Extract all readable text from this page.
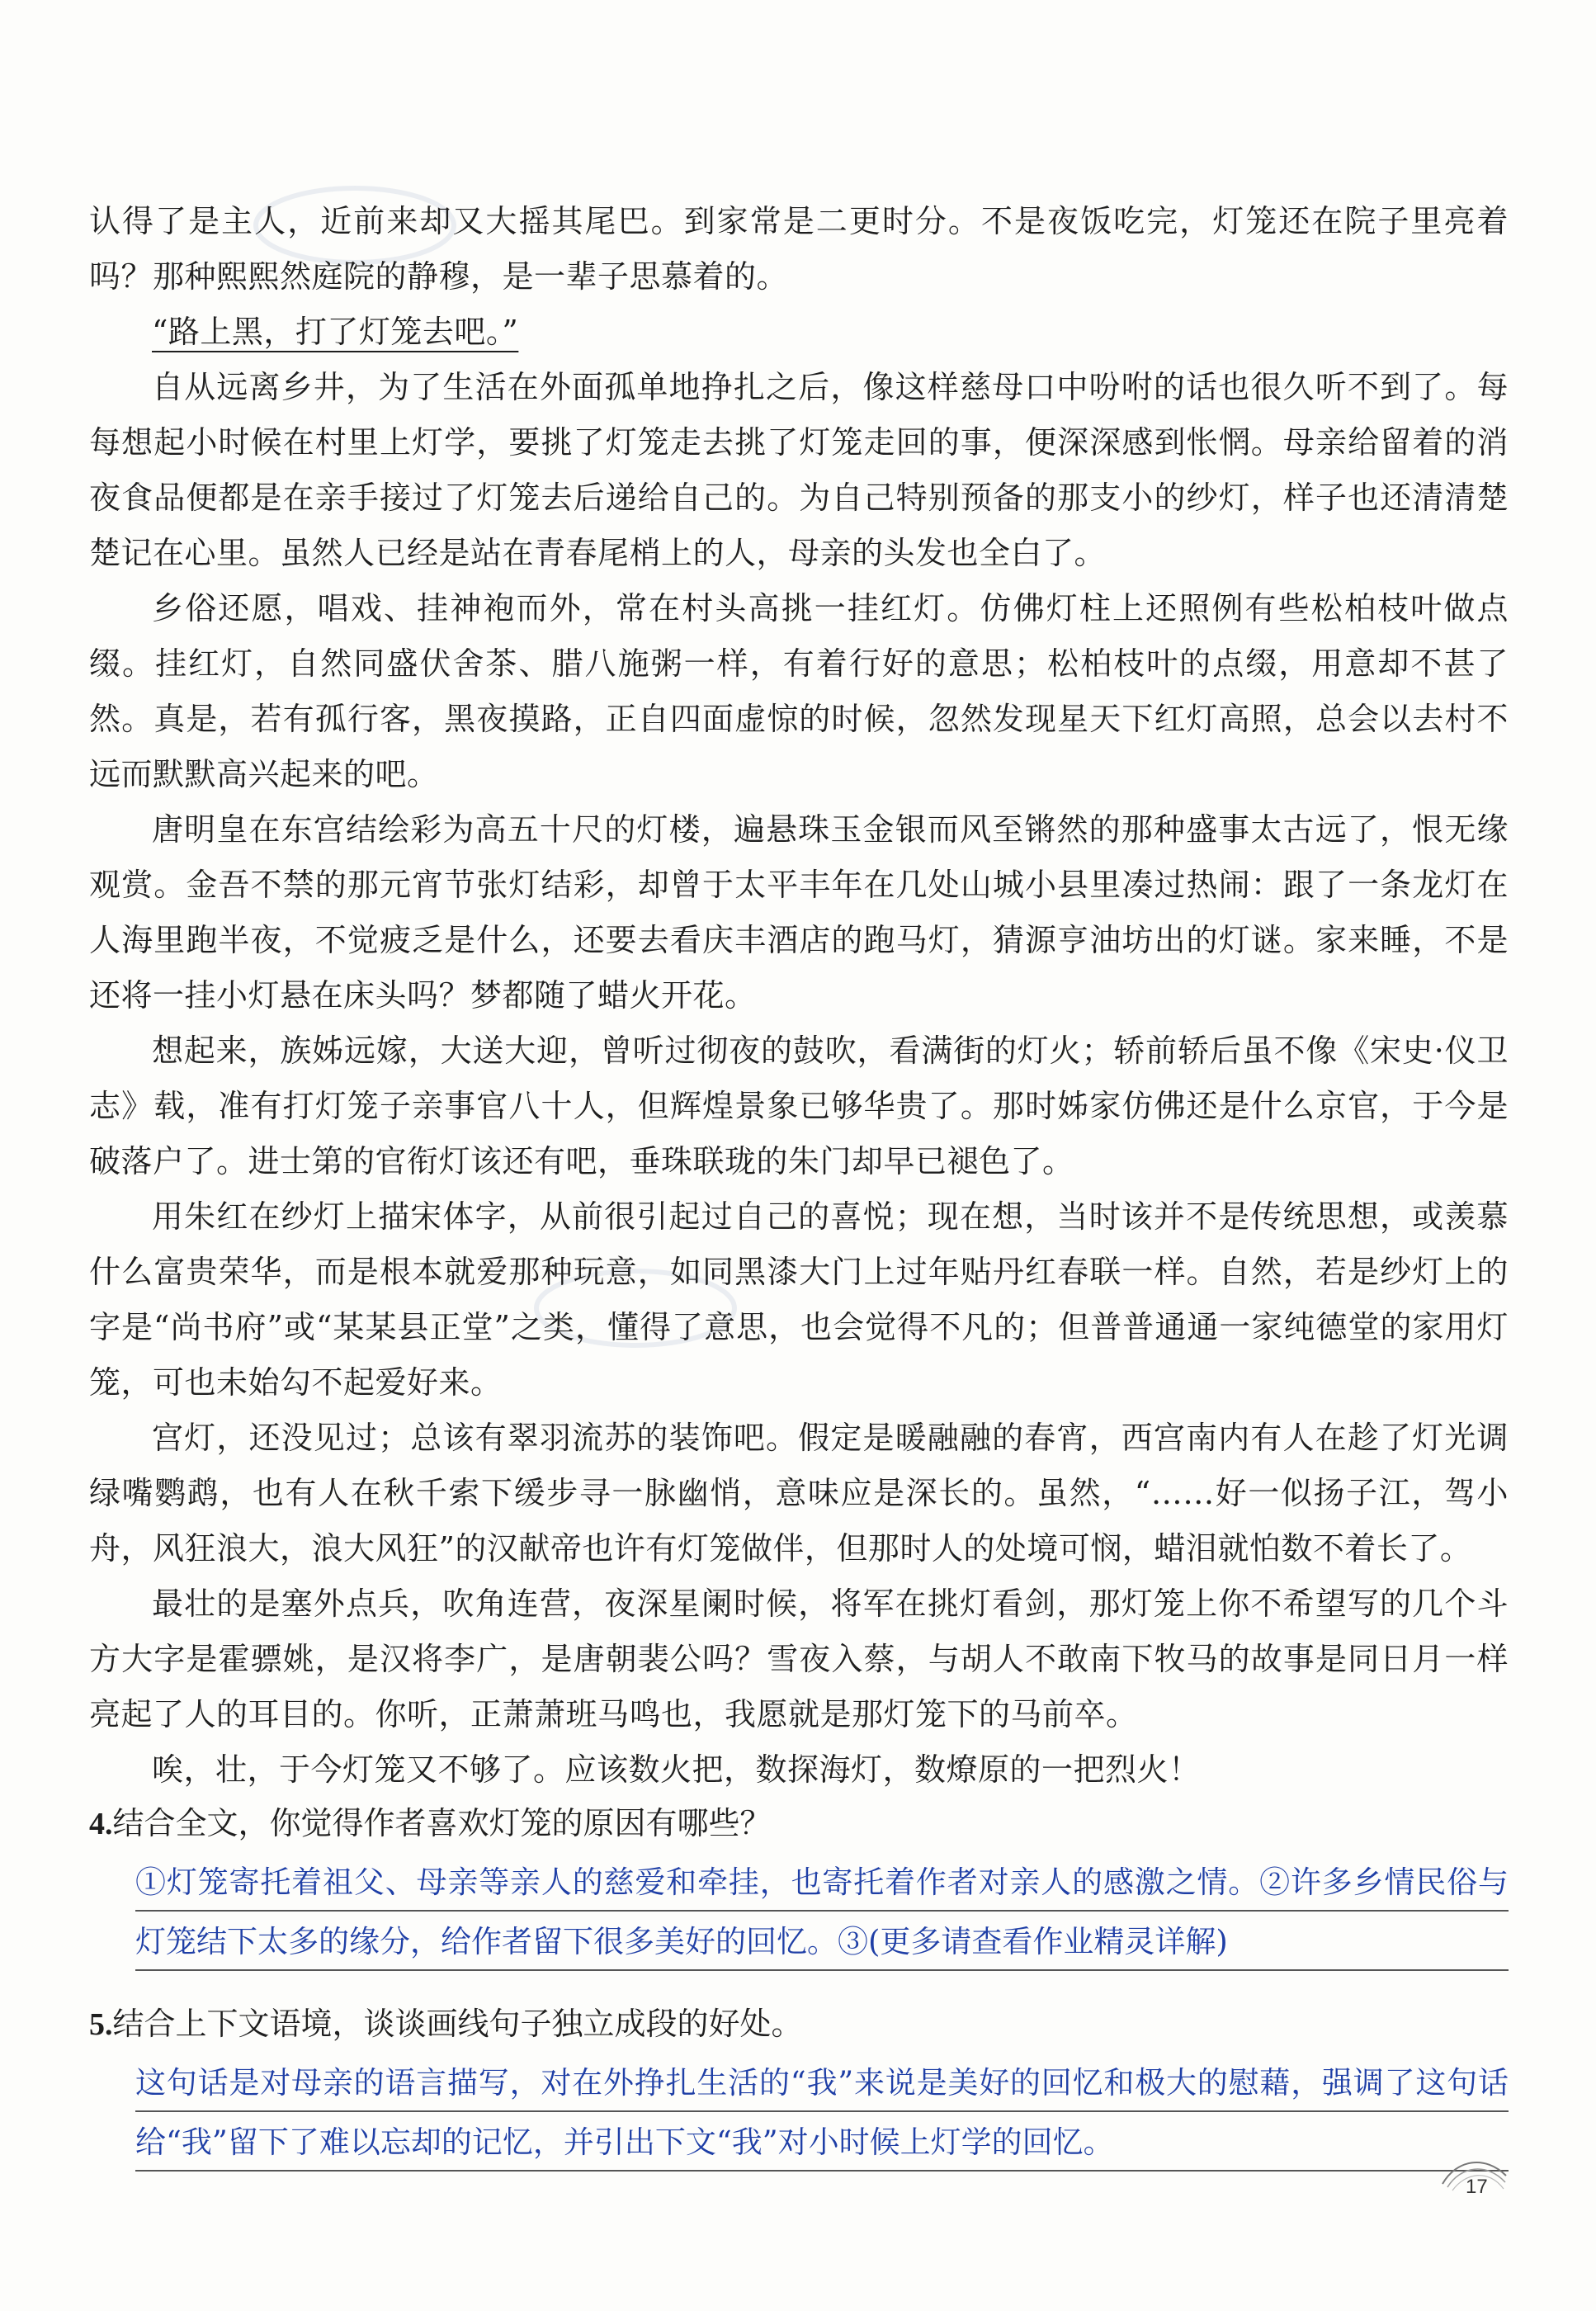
认得了是主人，近前来却又大摇其尾巴。到家常是二更时分。不是夜饭吃完，灯笼还在院子里亮着吗？那种熙熙然庭院的静穆，是一辈子思慕着的。

“路上黑，打了灯笼去吧。”

自从远离乡井，为了生活在外面孤单地挣扎之后，像这样慈母口中吩咐的话也很久听不到了。每每想起小时候在村里上灯学，要挑了灯笼走去挑了灯笼走回的事，便深深感到怅惘。母亲给留着的消夜食品便都是在亲手接过了灯笼去后递给自己的。为自己特别预备的那支小的纱灯，样子也还清清楚楚记在心里。虽然人已经是站在青春尾梢上的人，母亲的头发也全白了。

乡俗还愿，唱戏、挂神袍而外，常在村头高挑一挂红灯。仿佛灯柱上还照例有些松柏枝叶做点缀。挂红灯，自然同盛伏舍茶、腊八施粥一样，有着行好的意思；松柏枝叶的点缀，用意却不甚了然。真是，若有孤行客，黑夜摸路，正自四面虚惊的时候，忽然发现星天下红灯高照，总会以去村不远而默默高兴起来的吧。

唐明皇在东宫结绘彩为高五十尺的灯楼，遍悬珠玉金银而风至锵然的那种盛事太古远了，恨无缘观赏。金吾不禁的那元宵节张灯结彩，却曾于太平丰年在几处山城小县里凑过热闹：跟了一条龙灯在人海里跑半夜，不觉疲乏是什么，还要去看庆丰酒店的跑马灯，猜源亨油坊出的灯谜。家来睡，不是还将一挂小灯悬在床头吗？梦都随了蜡火开花。

想起来，族姊远嫁，大送大迎，曾听过彻夜的鼓吹，看满街的灯火；轿前轿后虽不像《宋史·仪卫志》载，准有打灯笼子亲事官八十人，但辉煌景象已够华贵了。那时姊家仿佛还是什么京官，于今是破落户了。进士第的官衔灯该还有吧，垂珠联珑的朱门却早已褪色了。

用朱红在纱灯上描宋体字，从前很引起过自己的喜悦；现在想，当时该并不是传统思想，或羡慕什么富贵荣华，而是根本就爱那种玩意，如同黑漆大门上过年贴丹红春联一样。自然，若是纱灯上的字是“尚书府”或“某某县正堂”之类，懂得了意思，也会觉得不凡的；但普普通通一家纯德堂的家用灯笼，可也未始勾不起爱好来。

宫灯，还没见过；总该有翠羽流苏的装饰吧。假定是暖融融的春宵，西宫南内有人在趁了灯光调绿嘴鹦鹉，也有人在秋千索下缓步寻一脉幽悄，意味应是深长的。虽然，“……好一似扬子江，驾小舟，风狂浪大，浪大风狂”的汉献帝也许有灯笼做伴，但那时人的处境可悯，蜡泪就怕数不着长了。

最壮的是塞外点兵，吹角连营，夜深星阑时候，将军在挑灯看剑，那灯笼上你不希望写的几个斗方大字是霍骠姚，是汉将李广，是唐朝裴公吗？雪夜入蔡，与胡人不敢南下牧马的故事是同日月一样亮起了人的耳目的。你听，正萧萧班马鸣也，我愿就是那灯笼下的马前卒。

唉，壮，于今灯笼又不够了。应该数火把，数探海灯，数燎原的一把烈火！

4.结合全文，你觉得作者喜欢灯笼的原因有哪些？

①灯笼寄托着祖父、母亲等亲人的慈爱和牵挂，也寄托着作者对亲人的感激之情。②许多乡情民俗与灯笼结下太多的缘分，给作者留下很多美好的回忆。③(更多请查看作业精灵详解)

5.结合上下文语境，谈谈画线句子独立成段的好处。

这句话是对母亲的语言描写，对在外挣扎生活的“我”来说是美好的回忆和极大的慰藉，强调了这句话给“我”留下了难以忘却的记忆，并引出下文“我”对小时候上灯学的回忆。
17
